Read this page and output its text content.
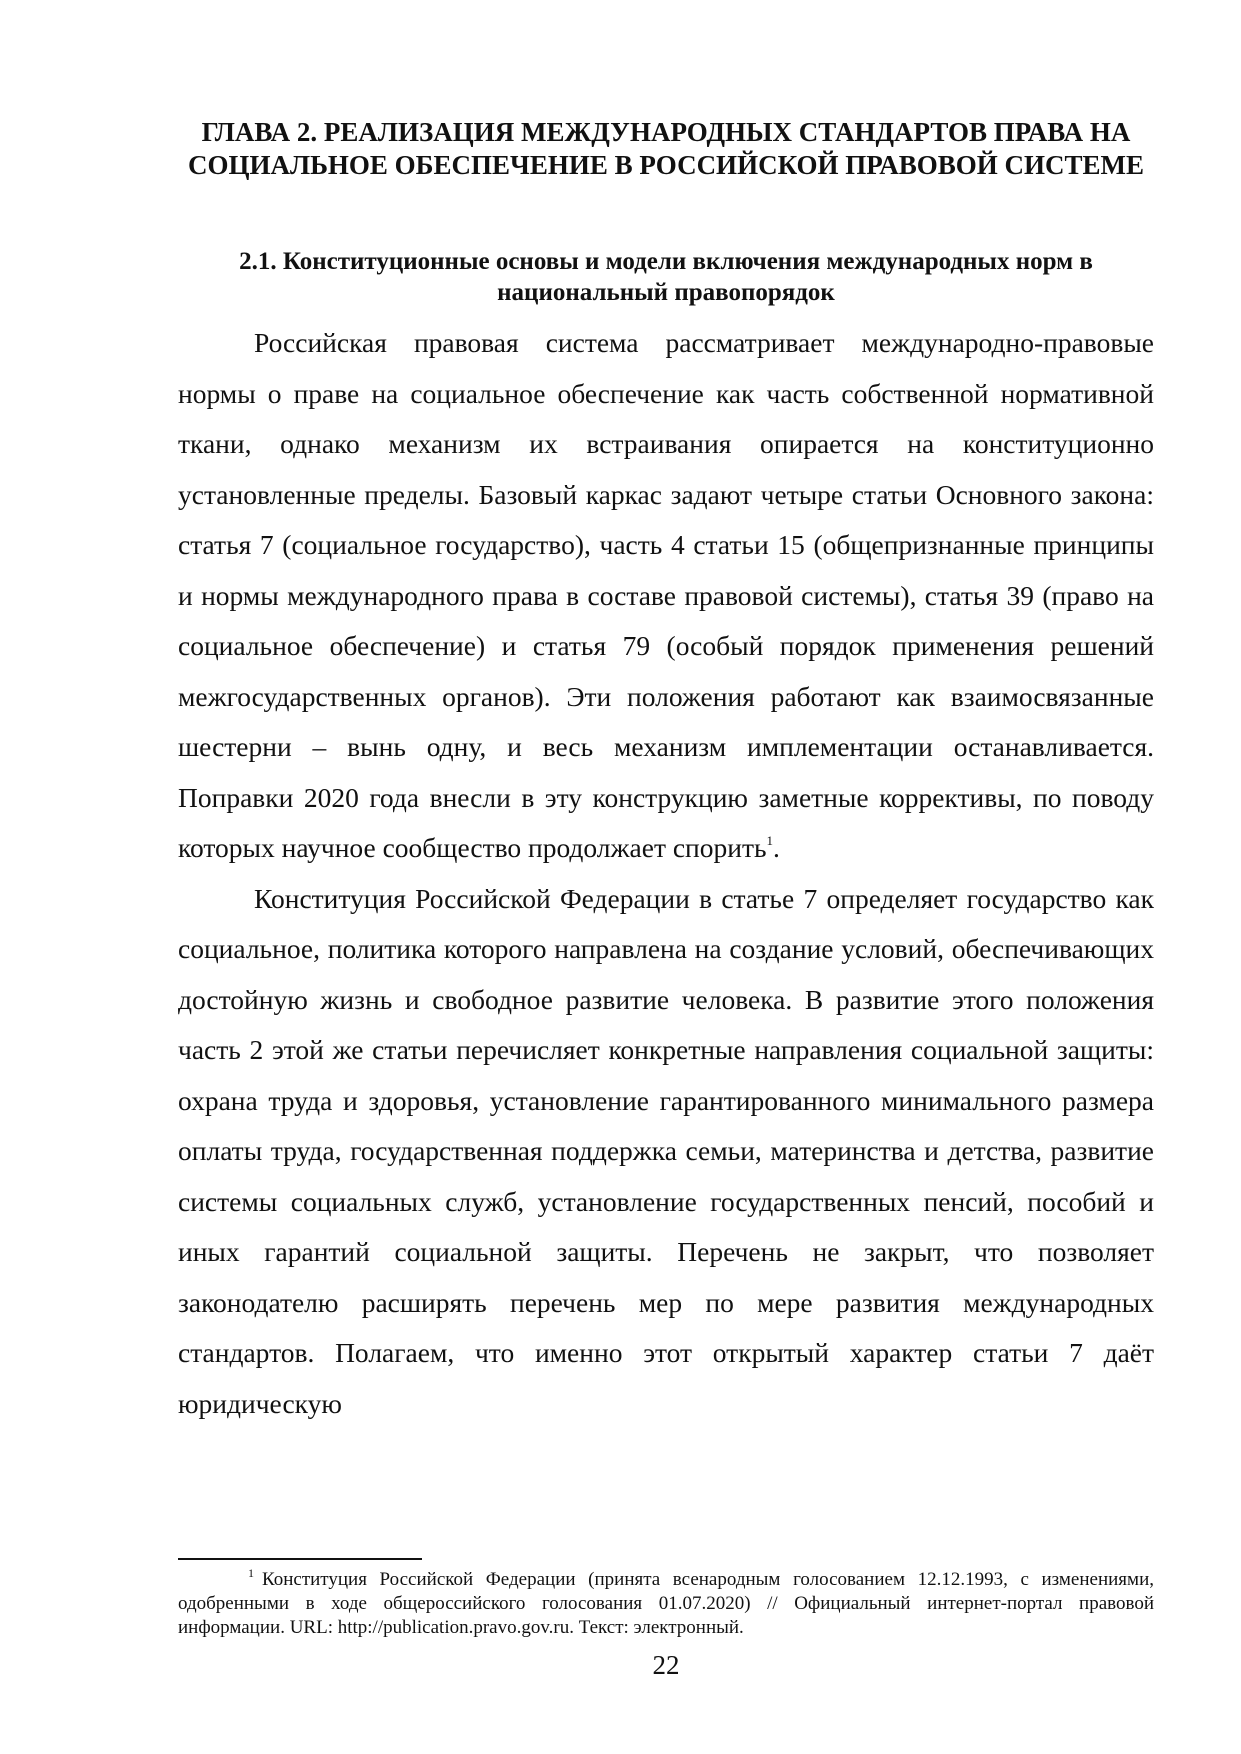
ГЛАВА 2. РЕАЛИЗАЦИЯ МЕЖДУНАРОДНЫХ СТАНДАРТОВ ПРАВА НА СОЦИАЛЬНОЕ ОБЕСПЕЧЕНИЕ В РОССИЙСКОЙ ПРАВОВОЙ СИСТЕМЕ
2.1. Конституционные основы и модели включения международных норм в национальный правопорядок

Российская правовая система рассматривает международно-правовые нормы о праве на социальное обеспечение как часть собственной нормативной ткани, однако механизм их встраивания опирается на конституционно установленные пределы. Базовый каркас задают четыре статьи Основного закона: статья 7 (социальное государство), часть 4 статьи 15 (общепризнанные принципы и нормы международного права в составе правовой системы), статья 39 (право на социальное обеспечение) и статья 79 (особый порядок применения решений межгосударственных органов). Эти положения работают как взаимосвязанные шестерни – вынь одну, и весь механизм имплементации останавливается. Поправки 2020 года внесли в эту конструкцию заметные коррективы, по поводу которых научное сообщество продолжает спорить$^1$.

Конституция Российской Федерации в статье 7 определяет государство как социальное, политика которого направлена на создание условий, обеспечивающих достойную жизнь и свободное развитие человека. В развитие этого положения часть 2 этой же статьи перечисляет конкретные направления социальной защиты: охрана труда и здоровья, установление гарантированного минимального размера оплаты труда, государственная поддержка семьи, материнства и детства, развитие системы социальных служб, установление государственных пенсий, пособий и иных гарантий социальной защиты. Перечень не закрыт, что позволяет законодателю расширять перечень мер по мере развития международных стандартов. Полагаем, что именно этот открытый характер статьи 7 даёт юридическую

$^1$ Конституция Российской Федерации (принята всенародным голосованием 12.12.1993, с изменениями, одобренными в ходе общероссийского голосования 01.07.2020) // Официальный интернет-портал правовой информации. URL: http://publication.pravo.gov.ru. Текст: электронный.

22
